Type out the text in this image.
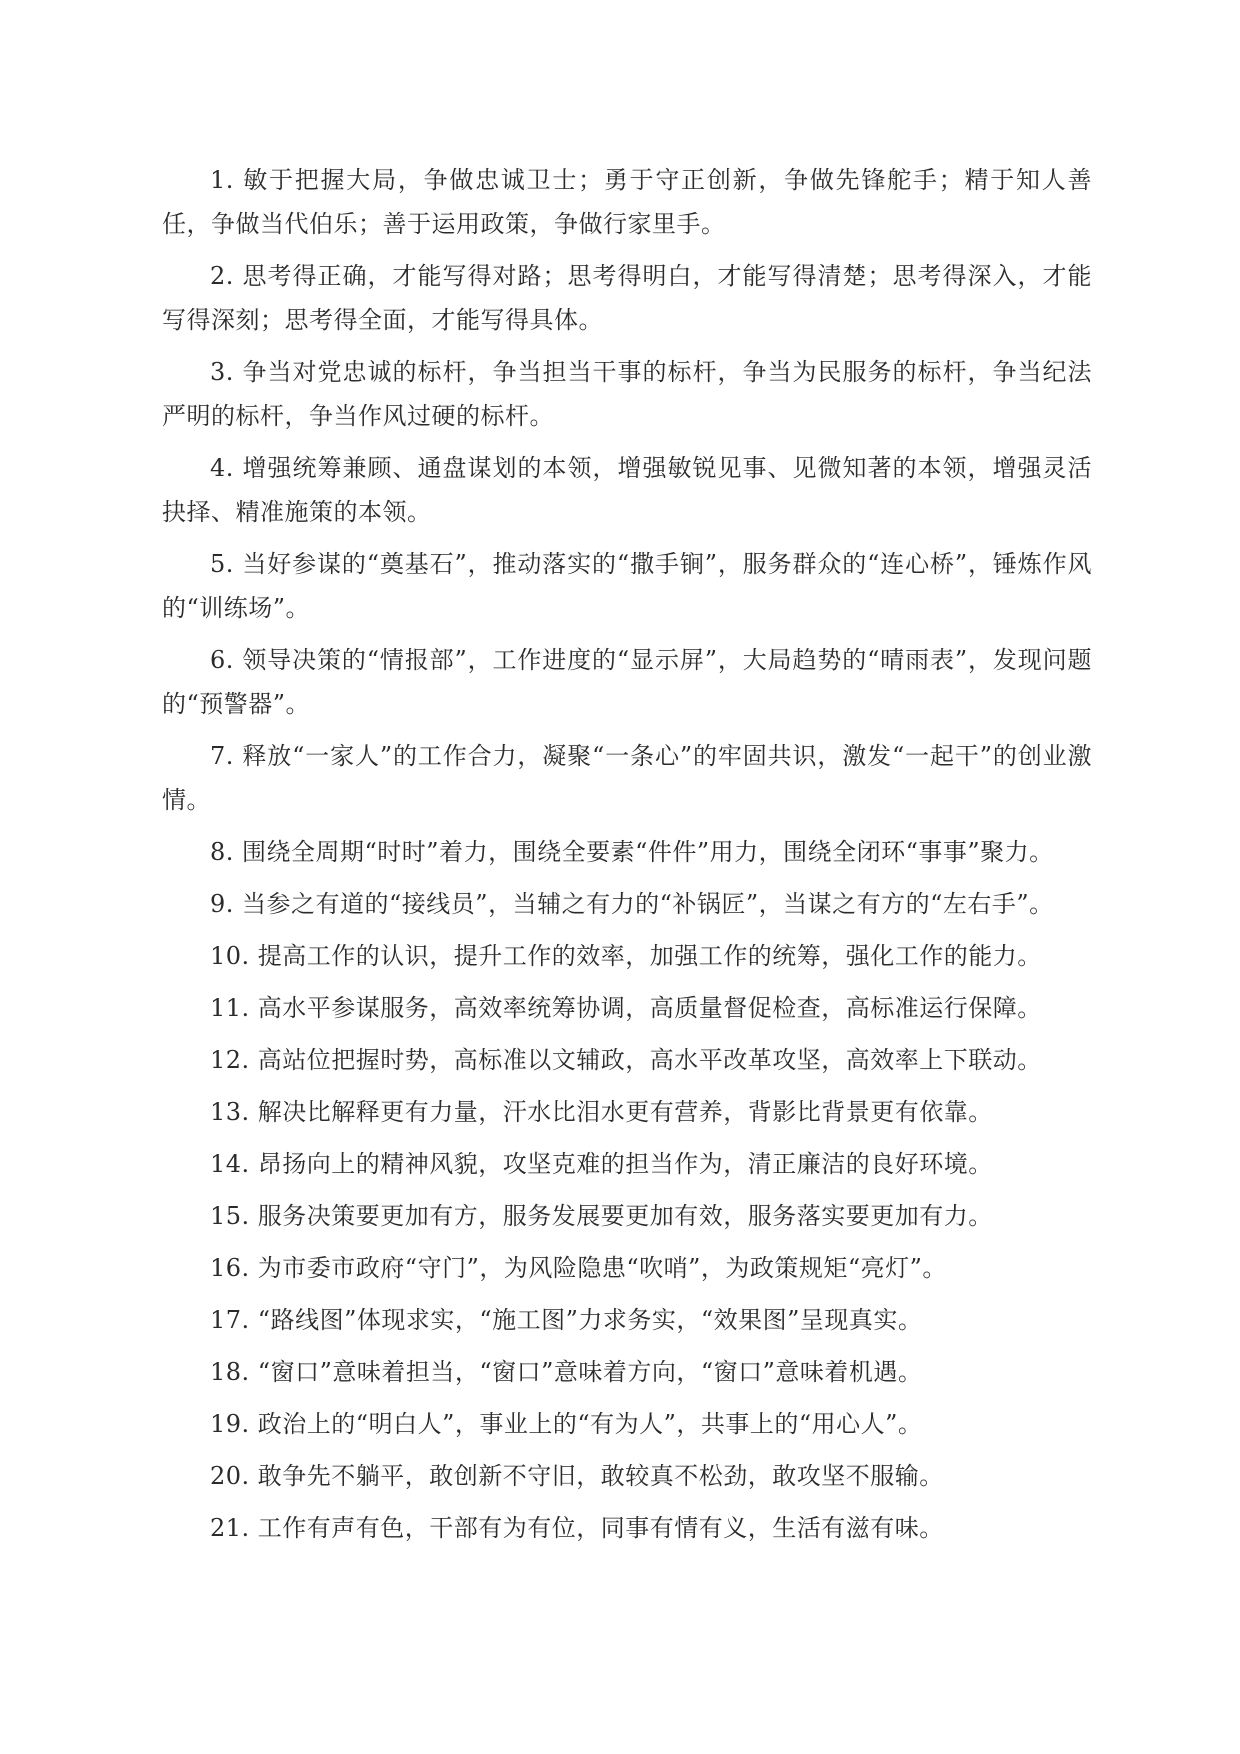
1. 敏于把握大局，争做忠诚卫士；勇于守正创新，争做先锋舵手；精于知人善任，争做当代伯乐；善于运用政策，争做行家里手。

2. 思考得正确，才能写得对路；思考得明白，才能写得清楚；思考得深入，才能写得深刻；思考得全面，才能写得具体。

3. 争当对党忠诚的标杆，争当担当干事的标杆，争当为民服务的标杆，争当纪法严明的标杆，争当作风过硬的标杆。

4. 增强统筹兼顾、通盘谋划的本领，增强敏锐见事、见微知著的本领，增强灵活抉择、精准施策的本领。

5. 当好参谋的“奠基石”，推动落实的“撒手锏”，服务群众的“连心桥”，锤炼作风的“训练场”。

6. 领导决策的“情报部”，工作进度的“显示屏”，大局趋势的“晴雨表”，发现问题的“预警器”。

7. 释放“一家人”的工作合力，凝聚“一条心”的牢固共识，激发“一起干”的创业激情。

8. 围绕全周期“时时”着力，围绕全要素“件件”用力，围绕全闭环“事事”聚力。

9. 当参之有道的“接线员”，当辅之有力的“补锅匠”，当谋之有方的“左右手”。

10. 提高工作的认识，提升工作的效率，加强工作的统筹，强化工作的能力。

11. 高水平参谋服务，高效率统筹协调，高质量督促检查，高标准运行保障。

12. 高站位把握时势，高标准以文辅政，高水平改革攻坚，高效率上下联动。

13. 解决比解释更有力量，汗水比泪水更有营养，背影比背景更有依靠。

14. 昂扬向上的精神风貌，攻坚克难的担当作为，清正廉洁的良好环境。

15. 服务决策要更加有方，服务发展要更加有效，服务落实要更加有力。

16. 为市委市政府“守门”，为风险隐患“吹哨”，为政策规矩“亮灯”。

17. “路线图”体现求实，“施工图”力求务实，“效果图”呈现真实。

18. “窗口”意味着担当，“窗口”意味着方向，“窗口”意味着机遇。

19. 政治上的“明白人”，事业上的“有为人”，共事上的“用心人”。

20. 敢争先不躺平，敢创新不守旧，敢较真不松劲，敢攻坚不服输。

21. 工作有声有色，干部有为有位，同事有情有义，生活有滋有味。
